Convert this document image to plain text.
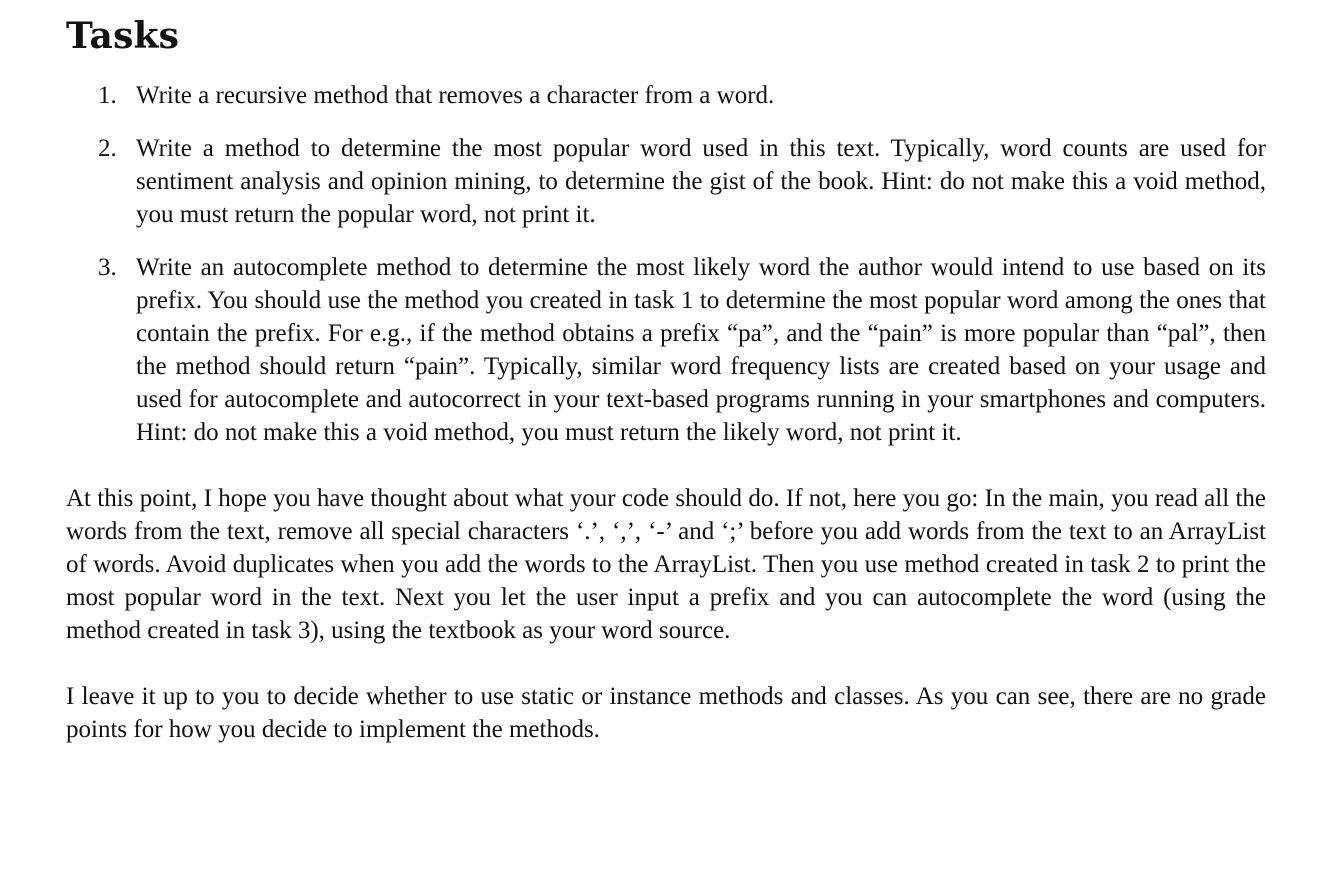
Tasks
1. Write a recursive method that removes a character from a word.
2. Write a method to determine the most popular word used in this text. Typically, word counts are used for sentiment analysis and opinion mining, to determine the gist of the book. Hint: do not make this a void method, you must return the popular word, not print it.
3. Write an autocomplete method to determine the most likely word the author would intend to use based on its prefix. You should use the method you created in task 1 to determine the most popular word among the ones that contain the prefix. For e.g., if the method obtains a prefix “pa”, and the “pain” is more popular than “pal”, then the method should return “pain”. Typically, similar word frequency lists are created based on your usage and used for autocomplete and autocorrect in your text-based programs running in your smartphones and computers. Hint: do not make this a void method, you must return the likely word, not print it.

At this point, I hope you have thought about what your code should do. If not, here you go: In the main, you read all the words from the text, remove all special characters ‘.’, ‘,’, ‘-’ and ‘;’ before you add words from the text to an ArrayList of words. Avoid duplicates when you add the words to the ArrayList. Then you use method created in task 2 to print the most popular word in the text. Next you let the user input a prefix and you can autocomplete the word (using the method created in task 3), using the textbook as your word source.

I leave it up to you to decide whether to use static or instance methods and classes. As you can see, there are no grade points for how you decide to implement the methods.
